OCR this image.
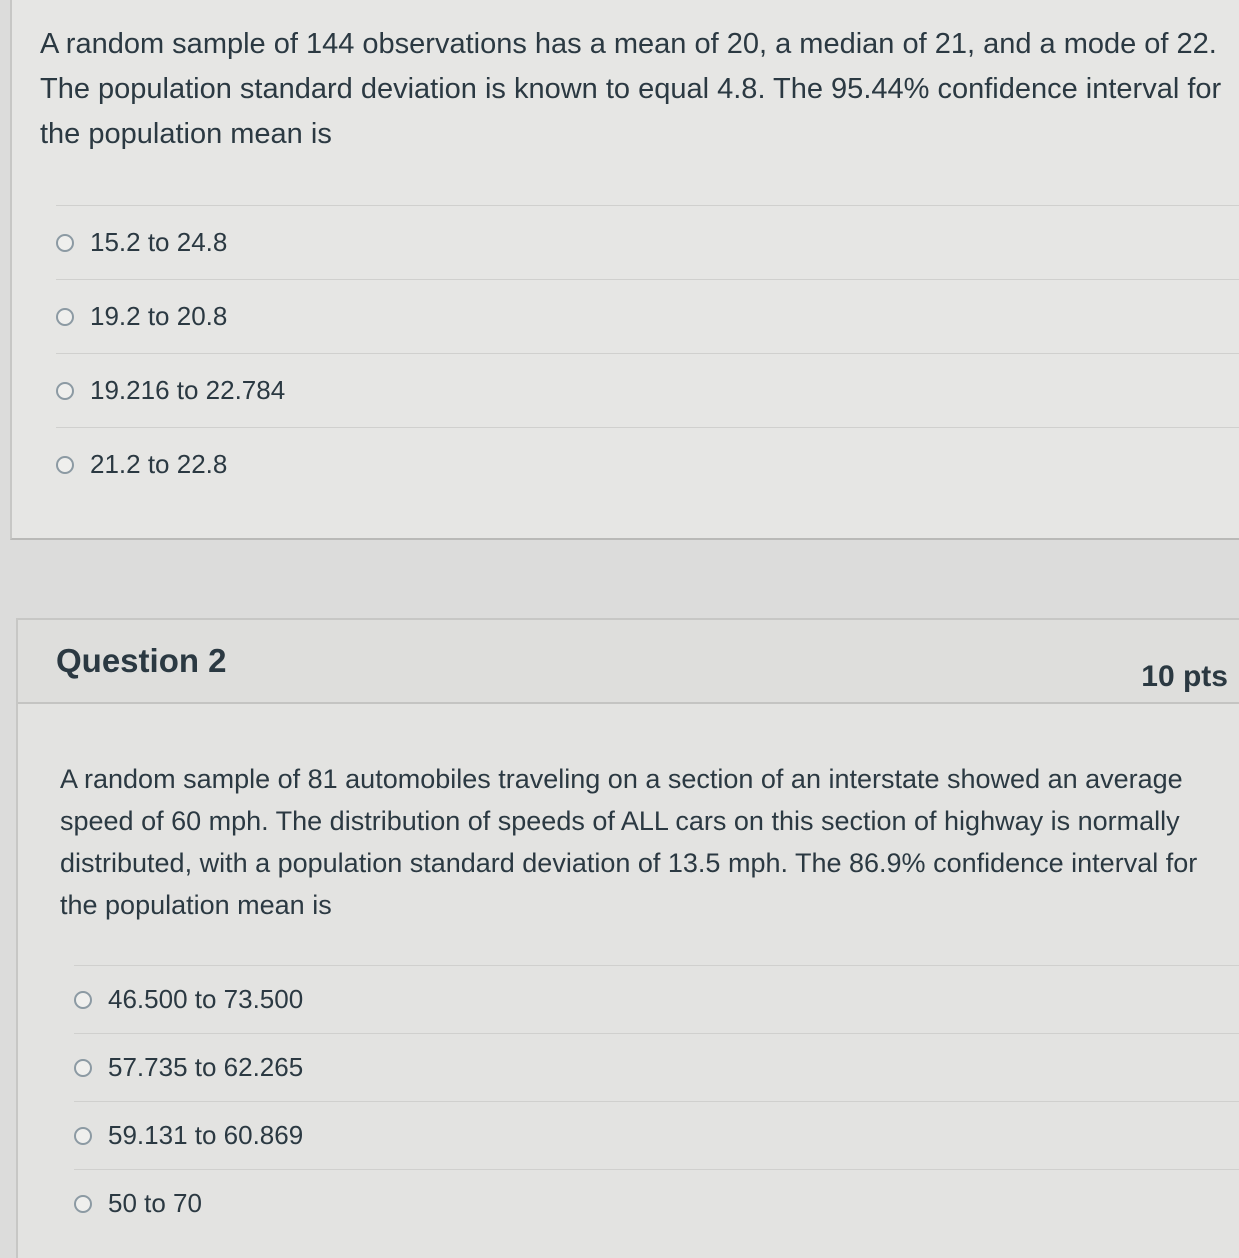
A random sample of 144 observations has a mean of 20, a median of 21, and a mode of 22. The population standard deviation is known to equal 4.8. The 95.44% confidence interval for the population mean is

15.2 to 24.8
19.2 to 20.8
19.216 to 22.784
21.2 to 22.8
Question 2	10 pts

A random sample of 81 automobiles traveling on a section of an interstate showed an average speed of 60 mph. The distribution of speeds of ALL cars on this section of highway is normally distributed, with a population standard deviation of 13.5 mph. The 86.9% confidence interval for the population mean is

46.500 to 73.500
57.735 to 62.265
59.131 to 60.869
50 to 70
